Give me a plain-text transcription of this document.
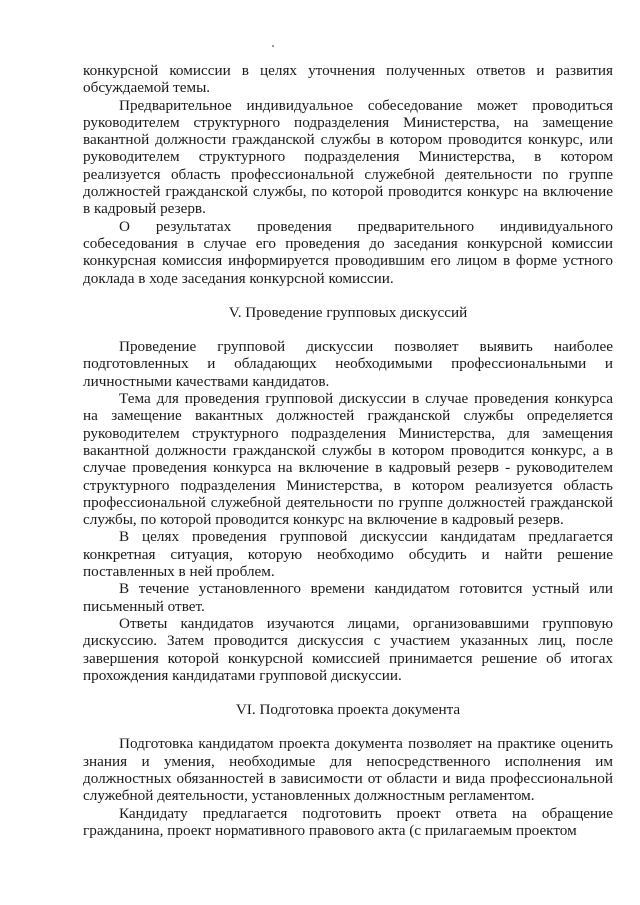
конкурсной комиссии в целях уточнения полученных ответов и развития обсуждаемой темы.

Предварительное индивидуальное собеседование может проводиться руководителем структурного подразделения Министерства, на замещение вакантной должности гражданской службы в котором проводится конкурс, или руководителем структурного подразделения Министерства, в котором реализуется область профессиональной служебной деятельности по группе должностей гражданской службы, по которой проводится конкурс на включение в кадровый резерв.

О результатах проведения предварительного индивидуального собеседования в случае его проведения до заседания конкурсной комиссии конкурсная комиссия информируется проводившим его лицом в форме устного доклада в ходе заседания конкурсной комиссии.

V. Проведение групповых дискуссий

Проведение групповой дискуссии позволяет выявить наиболее подготовленных и обладающих необходимыми профессиональными и личностными качествами кандидатов.

Тема для проведения групповой дискуссии в случае проведения конкурса на замещение вакантных должностей гражданской службы определяется руководителем структурного подразделения Министерства, для замещения вакантной должности гражданской службы в котором проводится конкурс, а в случае проведения конкурса на включение в кадровый резерв - руководителем структурного подразделения Министерства, в котором реализуется область профессиональной служебной деятельности по группе должностей гражданской службы, по которой проводится конкурс на включение в кадровый резерв.

В целях проведения групповой дискуссии кандидатам предлагается конкретная ситуация, которую необходимо обсудить и найти решение поставленных в ней проблем.

В течение установленного времени кандидатом готовится устный или письменный ответ.

Ответы кандидатов изучаются лицами, организовавшими групповую дискуссию. Затем проводится дискуссия с участием указанных лиц, после завершения которой конкурсной комиссией принимается решение об итогах прохождения кандидатами групповой дискуссии.

VI. Подготовка проекта документа

Подготовка кандидатом проекта документа позволяет на практике оценить знания и умения, необходимые для непосредственного исполнения им должностных обязанностей в зависимости от области и вида профессиональной служебной деятельности, установленных должностным регламентом.

Кандидату предлагается подготовить проект ответа на обращение гражданина, проект нормативного правового акта (с прилагаемым проектом
